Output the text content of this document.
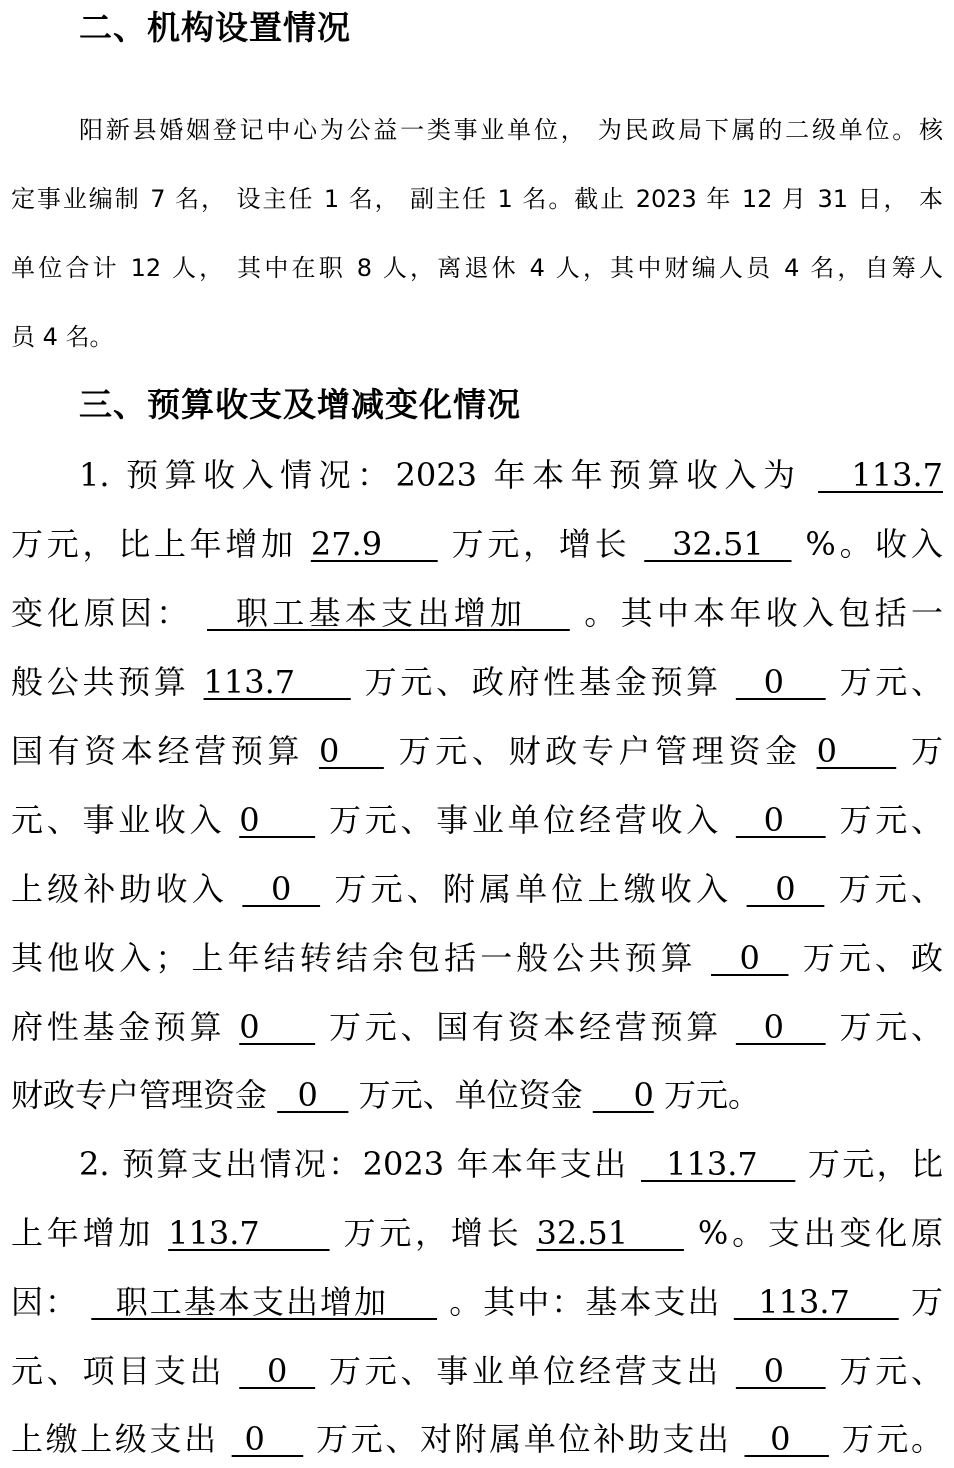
二、机构设置情况
阳新县婚姻登记中心为公益一类事业单位， 为民政局下属的二级单位。核
定事业编制 7 名， 设主任 1 名， 副主任 1 名。截止 2023 年 12 月 31 日， 本
单位合计 12 人， 其中在职 8 人，离退休 4 人，其中财编人员 4 名，自筹人
员 4 名。
三、预算收支及增减变化情况
1. 预算收入情况：2023 年本年预算收入为   113.7
万元，比上年增加 27.9     万元，增长   32.51   %。收入
变化原因：   职工基本支出增加    。其中本年收入包括一
般公共预算 113.7     万元、政府性基金预算   0    万元、
国有资本经营预算 0    万元、财政专户管理资金 0     万
元、事业收入 0     万元、事业单位经营收入   0    万元、
上级补助收入   0   万元、附属单位上缴收入   0   万元、
其他收入；上年结转结余包括一般公共预算   0   万元、政
府性基金预算 0     万元、国有资本经营预算   0    万元、
财政专户管理资金   0    万元、单位资金     0 万元。
2. 预算支出情况：2023 年本年支出   113.7    万元，比
上年增加 113.7      万元，增长 32.51     %。支出变化原
因：   职工基本支出增加     。其中：基本支出   113.7     万
元、项目支出   0   万元、事业单位经营支出   0    万元、
上缴上级支出  0    万元、对附属单位补助支出   0    万元。
